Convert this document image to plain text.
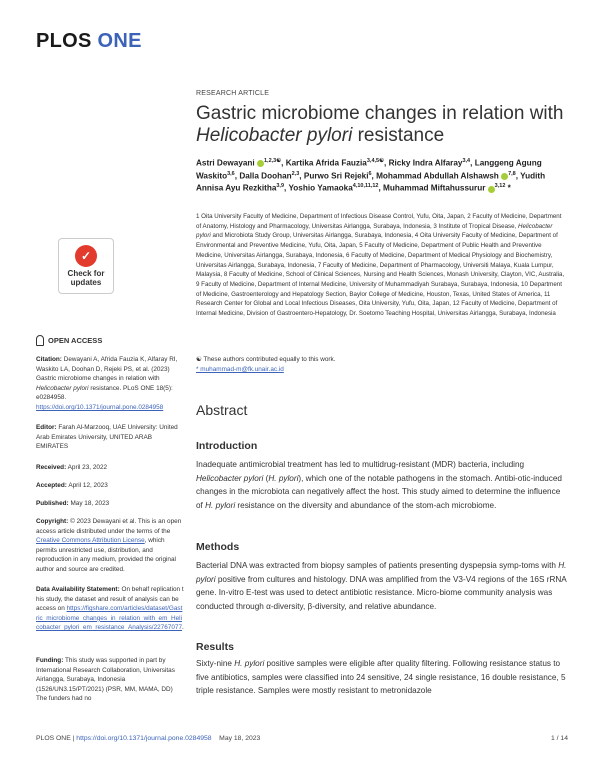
PLOS ONE
✓
Check for
updates
OPEN ACCESS
Citation: Dewayani A, Afrida Fauzia K, Alfaray RI, Waskito LA, Doohan D, Rejeki PS, et al. (2023) Gastric microbiome changes in relation with Helicobacter pylori resistance. PLoS ONE 18(5): e0284958. https://doi.org/10.1371/journal.pone.0284958
Editor: Farah Al-Marzooq, UAE University: United Arab Emirates University, UNITED ARAB EMIRATES
Received: April 23, 2022
Accepted: April 12, 2023
Published: May 18, 2023
Copyright: © 2023 Dewayani et al. This is an open access article distributed under the terms of the Creative Commons Attribution License, which permits unrestricted use, distribution, and reproduction in any medium, provided the original author and source are credited.
Data Availability Statement: On behalf replication this study, the dataset and result of analysis can be access on https://figshare.com/articles/dataset/Gastric_microbiome_changes_in_relation_with_em_Helicobacter_pylori_em_resistance_Analysis/22767077.
Funding: This study was supported in part by International Research Collaboration, Universitas Airlangga, Surabaya, Indonesia (1526/UN3.15/PT/2021) (PSR, MM, MAMA, DD) The funders had no
RESEARCH ARTICLE
Gastric microbiome changes in relation with Helicobacter pylori resistance
Astri Dewayani $^{1,2,3☯}$, Kartika Afrida Fauzia$^{3,4,5☯}$, Ricky Indra Alfaray$^{3,4}$, Langgeng Agung Waskito$^{3,6}$, Dalla Doohan$^{2,3}$, Purwo Sri Rejeki$^6$, Mohammad Abdullah Alshawsh $^{7,8}$, Yudith Annisa Ayu Rezkitha$^{3,9}$, Yoshio Yamaoka$^{4,10,11,12}$, Muhammad Miftahussurur $^{3,12}$ *
1 Oita University Faculty of Medicine, Department of Infectious Disease Control, Yufu, Oita, Japan, 2 Faculty of Medicine, Department of Anatomy, Histology and Pharmacology, Universitas Airlangga, Surabaya, Indonesia, 3 Institute of Tropical Disease, Helicobacter pylori and Microbiota Study Group, Universitas Airlangga, Surabaya, Indonesia, 4 Oita University Faculty of Medicine, Department of Environmental and Preventive Medicine, Yufu, Oita, Japan, 5 Faculty of Medicine, Department of Public Health and Preventive Medicine, Universitas Airlangga, Surabaya, Indonesia, 6 Faculty of Medicine, Department of Medical Physiology and Biochemistry, Universitas Airlangga, Surabaya, Indonesia, 7 Faculty of Medicine, Department of Pharmacology, Universiti Malaya, Kuala Lumpur, Malaysia, 8 Faculty of Medicine, School of Clinical Sciences, Nursing and Health Sciences, Monash University, Clayton, VIC, Australia, 9 Faculty of Medicine, Department of Internal Medicine, University of Muhammadiyah Surabaya, Surabaya, Indonesia, 10 Department of Medicine, Gastroenterology and Hepatology Section, Baylor College of Medicine, Houston, Texas, United States of America, 11 Research Center for Global and Local Infectious Diseases, Oita University, Yufu, Oita, Japan, 12 Faculty of Medicine, Department of Internal Medicine, Division of Gastroentero-Hepatology, Dr. Soetomo Teaching Hospital, Universitas Airlangga, Surabaya, Indonesia
☯ These authors contributed equally to this work.
* muhammad-m@fk.unair.ac.id
Abstract
Introduction

Inadequate antimicrobial treatment has led to multidrug-resistant (MDR) bacteria, including Helicobacter pylori (H. pylori), which one of the notable pathogens in the stomach. Antibi-otic-induced changes in the microbiota can negatively affect the host. This study aimed to determine the influence of H. pylori resistance on the diversity and abundance of the stom-ach microbiome.

Methods

Bacterial DNA was extracted from biopsy samples of patients presenting dyspepsia symp-toms with H. pylori positive from cultures and histology. DNA was amplified from the V3-V4 regions of the 16S rRNA gene. In-vitro E-test was used to detect antibiotic resistance. Micro-biome community analysis was conducted through α-diversity, β-diversity, and relative abundance.

Results

Sixty-nine H. pylori positive samples were eligible after quality filtering. Following resistance status to five antibiotics, samples were classified into 24 sensitive, 24 single resistance, 16 double resistance, 5 triple resistance. Samples were mostly resistant to metronidazole

PLOS ONE | https://doi.org/10.1371/journal.pone.0284958 May 18, 2023	1 / 14
